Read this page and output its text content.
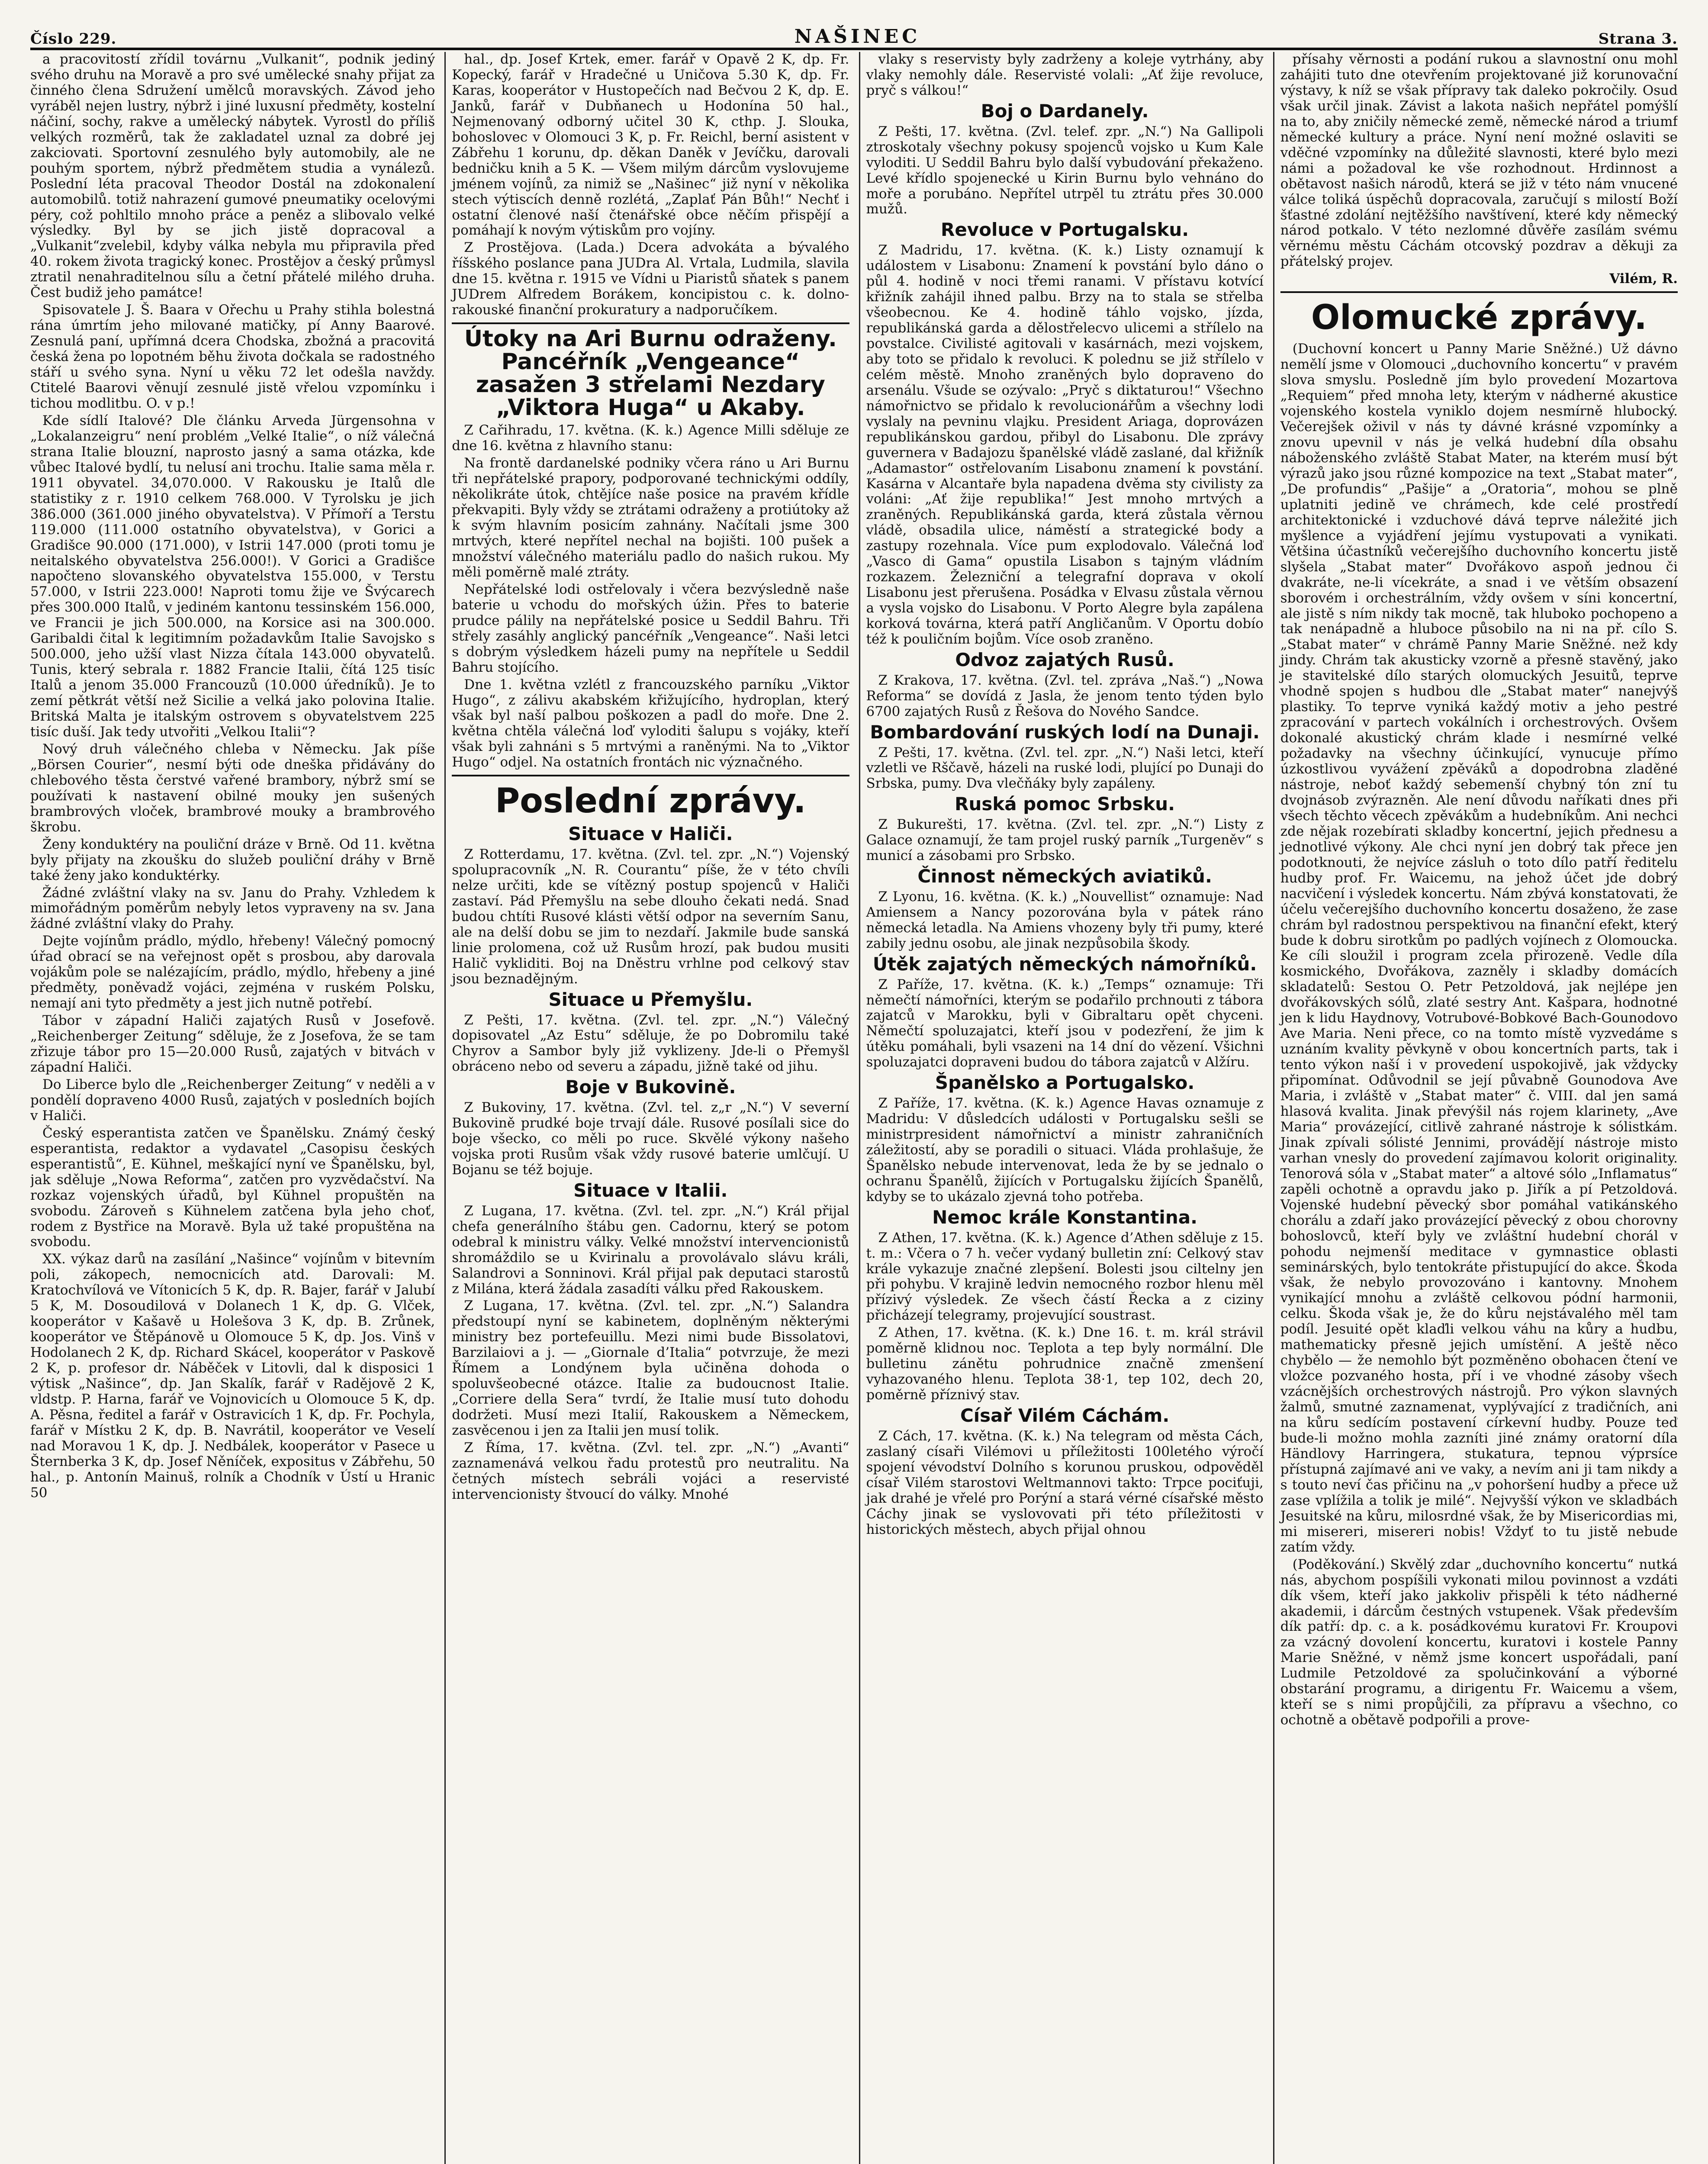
Číslo 229.	NAŠINEC	Strana 3.

a pracovitostí zřídil továrnu „Vulkanit“, podnik jediný svého druhu na Moravě a pro své umělecké snahy přijat za činného člena Sdružení umělců moravských. Závod jeho vyráběl nejen lustry, nýbrž i jiné luxusní předměty, kostelní náčiní, sochy, rakve a umělecký nábytek. Vyrostl do příliš velkých rozměrů, tak že zakladatel uznal za dobré jej zakciovati. Sportovní zesnulého byly automobily, ale ne pouhým sportem, nýbrž předmětem studia a vynálezů. Poslední léta pracoval Theodor Dostál na zdokonalení automobilů. totiž nahrazení gumové pneumatiky ocelovými péry, což pohltilo mnoho práce a peněz a slibovalo velké výsledky. Byl by se jich jistě dopracoval a „Vulkanit“zvelebil, kdyby válka nebyla mu připravila před 40. rokem života tragický konec. Prostějov a český průmysl ztratil nenahraditelnou sílu a četní přátelé milého druha. Čest budiž jeho památce!

Spisovatele J. Š. Baara v Ořechu u Prahy stihla bolestná rána úmrtím jeho milované matičky, pí Anny Baarové. Zesnulá paní, upřímná dcera Chodska, zbožná a pracovitá česká žena po lopotném běhu života dočkala se radostného stáří u svého syna. Nyní u věku 72 let odešla navždy. Ctitelé Baarovi věnují zesnulé jistě vřelou vzpomínku i tichou modlitbu. O. v p.!

Kde sídlí Italové? Dle článku Arveda Jürgensohna v „Lokalanzeigru“ není problém „Velké Italie“, o níž válečná strana Italie blouzní, naprosto jasný a sama otázka, kde vůbec Italové bydlí, tu nelusí ani trochu. Italie sama měla r. 1911 obyvatel. 34,070.000. V Rakousku je Italů dle statistiky z r. 1910 celkem 768.000. V Tyrolsku je jich 386.000 (361.000 jiného obyvatelstva). V Přímoří a Terstu 119.000 (111.000 ostatního obyvatelstva), v Gorici a Gradišce 90.000 (171.000), v Istrii 147.000 (proti tomu je neitalského obyvatelstva 256.000!). V Gorici a Gradišce napočteno slovanského obyvatelstva 155.000, v Terstu 57.000, v Istrii 223.000! Naproti tomu žije ve Švýcarech přes 300.000 Italů, v jediném kantonu tessinském 156.000, ve Francii je jich 500.000, na Korsice asi na 300.000. Garibaldi čital k legitimním požadavkům Italie Savojsko s 500.000, jeho užší vlast Nizza čítala 143.000 obyvatelů. Tunis, který sebrala r. 1882 Francie Italii, čítá 125 tisíc Italů a jenom 35.000 Francouzů (10.000 úředníků). Je to zemí pětkrát větší než Sicilie a velká jako polovina Italie. Britská Malta je italským ostrovem s obyvatelstvem 225 tisíc duší. Jak tedy utvořiti „Velkou Italii“?

Nový druh válečného chleba v Německu. Jak píše „Börsen Courier“, nesmí býti ode dneška přidávány do chlebového těsta čerstvé vařené brambory, nýbrž smí se používati k nastavení obilné mouky jen sušených brambrových vloček, brambrové mouky a brambrového škrobu.

Ženy konduktéry na pouliční dráze v Brně. Od 11. května byly přijaty na zkoušku do služeb pouliční dráhy v Brně také ženy jako konduktérky.

Žádné zvláštní vlaky na sv. Janu do Prahy. Vzhledem k mimořádným poměrům nebyly letos vypraveny na sv. Jana žádné zvláštní vlaky do Prahy.

Dejte vojínům prádlo, mýdlo, hřebeny! Válečný pomocný úřad obrací se na veřejnost opět s prosbou, aby darovala vojákům pole se nalézajícím, prádlo, mýdlo, hřebeny a jiné předměty, poněvadž vojáci, zejména v ruském Polsku, nemají ani tyto předměty a jest jich nutně potřebí.

Tábor v západní Haliči zajatých Rusů v Josefově. „Reichenberger Zeitung“ sděluje, že z Josefova, že se tam zřizuje tábor pro 15—20.000 Rusů, zajatých v bitvách v západní Haliči.

Do Liberce bylo dle „Reichenberger Zeitung“ v neděli a v pondělí dopraveno 4000 Rusů, zajatých v posledních bojích v Haliči.

Český esperantista zatčen ve Španělsku. Známý český esperantista, redaktor a vydavatel „Casopisu českých esperantistů“, E. Kühnel, meškající nyní ve Španělsku, byl, jak sděluje „Nowa Reforma“, zatčen pro vyzvědačství. Na rozkaz vojenských úřadů, byl Kühnel propuštěn na svobodu. Zároveň s Kühnelem zatčena byla jeho choť, rodem z Bystřice na Moravě. Byla už také propuštěna na svobodu.

XX. výkaz darů na zasílání „Našince“ vojínům v bitevním poli, zákopech, nemocnicích atd. Darovali: M. Kratochvílová ve Vítonicích 5 K, dp. R. Bajer, farář v Jalubí 5 K, M. Dosoudilová v Dolanech 1 K, dp. G. Vlček, kooperátor v Kašavě u Holešova 3 K, dp. B. Zrůnek, kooperátor ve Štěpánově u Olomouce 5 K, dp. Jos. Vinš v Hodolanech 2 K, dp. Richard Skácel, kooperátor v Paskově 2 K, p. profesor dr. Náběček v Litovli, dal k disposici 1 výtisk „Našince“, dp. Jan Skalík, farář v Radějově 2 K, vldstp. P. Harna, farář ve Vojnovicích u Olomouce 5 K, dp. A. Pěsna, ředitel a farář v Ostravicích 1 K, dp. Fr. Pochyla, farář v Místku 2 K, dp. B. Navrátil, kooperátor ve Veselí nad Moravou 1 K, dp. J. Nedbálek, kooperátor v Pasece u Šternberka 3 K, dp. Josef Něníček, expositus v Zábřehu, 50 hal., p. Antonín Mainuš, rolník a Chodník v Ústí u Hranic 50

hal., dp. Josef Krtek, emer. farář v Opavě 2 K, dp. Fr. Kopecký, farář v Hradečné u Uničova 5.30 K, dp. Fr. Karas, kooperátor v Hustopečích nad Bečvou 2 K, dp. E. Janků, farář v Dubňanech u Hodonína 50 hal., Nejmenovaný odborný učitel 30 K, cthp. J. Slouka, bohoslovec v Olomouci 3 K, p. Fr. Reichl, berní asistent v Zábřehu 1 korunu, dp. děkan Daněk v Jevíčku, darovali bedničku knih a 5 K. — Všem milým dárcům vyslovujeme jménem vojínů, za nimiž se „Našinec“ již nyní v několika stech výtiscích denně rozlétá, „Zaplať Pán Bůh!“ Nechť i ostatní členové naší čtenářské obce něčím přispějí a pomáhají k novým výtiskům pro vojíny.

Z Prostějova. (Lada.) Dcera advokáta a bývalého říšského poslance pana JUDra Al. Vrtala, Ludmila, slavila dne 15. května r. 1915 ve Vídni u Piaristů sňatek s panem JUDrem Alfredem Borákem, koncipistou c. k. dolno-rakouské finanční prokuratury a nadporučíkem.

Útoky na Ari Burnu odraženy. Pancéřník „Vengeance“ zasažen 3 střelami Nezdary „Viktora Huga“ u Akaby.

Z Cařihradu, 17. května. (K. k.) Agence Milli sděluje ze dne 16. května z hlavního stanu:

Na frontě dardanelské podniky včera ráno u Ari Burnu tři nepřátelské prapory, podporované technickými oddíly, několikráte útok, chtějíce naše posice na pravém křídle překvapiti. Byly vždy se ztrátami odraženy a protiútoky až k svým hlavním posicím zahnány. Načítali jsme 300 mrtvých, které nepřítel nechal na bojišti. 100 pušek a množství válečného materiálu padlo do našich rukou. My měli poměrně malé ztráty.

Nepřátelské lodi ostřelovaly i včera bezvýsledně naše baterie u vchodu do mořských úžin. Přes to baterie prudce pálily na nepřátelské posice u Seddil Bahru. Tři střely zasáhly anglický pancéřník „Vengeance“. Naši letci s dobrým výsledkem házeli pumy na nepřítele u Seddil Bahru stojícího.

Dne 1. května vzlétl z francouzského parníku „Viktor Hugo“, z zálivu akabském křižujícího, hydroplan, který však byl naší palbou poškozen a padl do moře. Dne 2. května chtěla válečná loď vyloditi šalupu s vojáky, kteří však byli zahnáni s 5 mrtvými a raněnými. Na to „Viktor Hugo“ odjel. Na ostatních frontách nic význačného.

Poslední zprávy.
Situace v Haliči.

Z Rotterdamu, 17. května. (Zvl. tel. zpr. „N.“) Vojenský spolupracovník „N. R. Courantu“ píše, že v této chvíli nelze určiti, kde se vítězný postup spojenců v Haliči zastaví. Pád Přemyšlu na sebe dlouho čekati nedá. Snad budou chtíti Rusové klásti větší odpor na severním Sanu, ale na delší dobu se jim to nezdaří. Jakmile bude sanská linie prolomena, což už Rusům hrozí, pak budou musiti Halič vykliditi. Boj na Dněstru vrhlne pod celkový stav jsou beznadějným.

Situace u Přemyšlu.

Z Pešti, 17. května. (Zvl. tel. zpr. „N.“) Válečný dopisovatel „Az Estu“ sděluje, že po Dobromilu také Chyrov a Sambor byly již vyklizeny. Jde-li o Přemyšl obráceno nebo od severu a západu, jižně také od jihu.

Boje v Bukovině.

Z Bukoviny, 17. května. (Zvl. tel. z„r „N.“) V severní Bukovině prudké boje trvají dále. Rusové posílali sice do boje všecko, co měli po ruce. Skvělé výkony našeho vojska proti Rusům však vždy rusové baterie umlčují. U Bojanu se též bojuje.

Situace v Italii.

Z Lugana, 17. května. (Zvl. tel. zpr. „N.“) Král přijal chefa generálního štábu gen. Cadornu, který se potom odebral k ministru války. Velké množství intervencionistů shromáždilo se u Kvirinalu a provolávalo slávu králi, Salandrovi a Sonninovi. Král přijal pak deputaci starostů z Milána, která žádala zasadíti válku před Rakouskem.

Z Lugana, 17. května. (Zvl. tel. zpr. „N.“) Salandra předstoupí nyní se kabinetem, doplněným některými ministry bez portefeuillu. Mezi nimi bude Bissolatovi, Barzilaiovi a j. — „Giornale d’Italia“ potvrzuje, že mezi Římem a Londýnem byla učiněna dohoda o spoluvšeobecné otázce. Italie za budoucnost Italie. „Corriere della Sera“ tvrdí, že Italie musí tuto dohodu dodržeti. Musí mezi Italií, Rakouskem a Německem, zasvěcenou i jen za Italii jen musí tolik.

Z Říma, 17. května. (Zvl. tel. zpr. „N.“) „Avanti“ zaznamenává velkou řadu protestů pro neutralitu. Na četných místech sebráli vojáci a reservisté intervencionisty štvoucí do války. Mnohé

vlaky s reservisty byly zadrženy a koleje vytrhány, aby vlaky nemohly dále. Reservisté volali: „Ať žije revoluce, pryč s válkou!“

Boj o Dardanely.

Z Pešti, 17. května. (Zvl. telef. zpr. „N.“) Na Gallipoli ztroskotaly všechny pokusy spojenců vojsko u Kum Kale vyloditi. U Seddil Bahru bylo další vybudování překaženo. Levé křídlo spojenecké u Kirin Burnu bylo vehnáno do moře a porubáno. Nepřítel utrpěl tu ztrátu přes 30.000 mužů.

Revoluce v Portugalsku.

Z Madridu, 17. května. (K. k.) Listy oznamují k událostem v Lisabonu: Znamení k povstání bylo dáno o půl 4. hodině v noci třemi ranami. V přístavu kotvící křižník zahájil ihned palbu. Brzy na to stala se střelba všeobecnou. Ke 4. hodině táhlo vojsko, jízda, republikánská garda a dělostřelecvo ulicemi a střílelo na povstalce. Civilisté agitovali v kasárnách, mezi vojskem, aby toto se přidalo k revoluci. K polednu se již střílelo v celém městě. Mnoho zraněných bylo dopraveno do arsenálu. Všude se ozývalo: „Pryč s diktaturou!“ Všechno námořnictvo se přidalo k revolucionářům a všechny lodi vyslaly na pevninu vlajku. President Ariaga, doprovázen republikánskou gardou, přibyl do Lisabonu. Dle zprávy guvernera v Badajozu španělské vládě zaslané, dal křižník „Adamastor“ ostřelovaním Lisabonu znamení k povstání. Kasárna v Alcantaře byla napadena dvěma sty civilisty za voláni: „Ať žije republika!“ Jest mnoho mrtvých a zraněných. Republikánská garda, která zůstala věrnou vládě, obsadila ulice, náměstí a strategické body a zastupy rozehnala. Více pum explodovalo. Válečná loď „Vasco di Gama“ opustila Lisabon s tajným vládním rozkazem. Železniční a telegrafní doprava v okolí Lisabonu jest přerušena. Posádka v Elvasu zůstala věrnou a vysla vojsko do Lisabonu. V Porto Alegre byla zapálena korková továrna, která patří Angličanům. V Oportu dobío též k pouličním bojům. Více osob zraněno.

Odvoz zajatých Rusů.

Z Krakova, 17. května. (Zvl. tel. zpráva „Naš.“) „Nowa Reforma“ se dovídá z Jasla, že jenom tento týden bylo 6700 zajatých Rusů z Řešova do Nového Sandce.

Bombardování ruských lodí na Dunaji.

Z Pešti, 17. května. (Zvl. tel. zpr. „N.“) Naši letci, kteří vzletli ve Rščavě, házeli na ruské lodi, plující po Dunaji do Srbska, pumy. Dva vlečňáky byly zapáleny.

Ruská pomoc Srbsku.

Z Bukurešti, 17. května. (Zvl. tel. zpr. „N.“) Listy z Galace oznamují, že tam projel ruský parník „Turgeněv“ s municí a zásobami pro Srbsko.

Činnost německých aviatiků.

Z Lyonu, 16. května. (K. k.) „Nouvellist“ oznamuje: Nad Amiensem a Nancy pozorována byla v pátek ráno německá letadla. Na Amiens vhozeny byly tři pumy, které zabily jednu osobu, ale jinak nezpůsobila škody.

Útěk zajatých německých námořníků.

Z Paříže, 17. května. (K. k.) „Temps“ oznamuje: Tři němečtí námořníci, kterým se podařilo prchnouti z tábora zajatců v Marokku, byli v Gibraltaru opět chyceni. Němečtí spoluzajatci, kteří jsou v podezření, že jim k útěku pomáhali, byli vsazeni na 14 dní do vězení. Všichni spoluzajatci dopraveni budou do tábora zajatců v Alžíru.

Španělsko a Portugalsko.

Z Paříže, 17. května. (K. k.) Agence Havas oznamuje z Madridu: V důsledcích události v Portugalsku sešli se ministrpresident námořnictví a ministr zahraničních záležitostí, aby se poradili o situaci. Vláda prohlašuje, že Španělsko nebude intervenovat, leda že by se jednalo o ochranu Španělů, žijících v Portugalsku žijících Španělů, kdyby se to ukázalo zjevná toho potřeba.

Nemoc krále Konstantina.

Z Athen, 17. května. (K. k.) Agence d’Athen sděluje z 15. t. m.: Včera o 7 h. večer vydaný bulletin zní: Celkový stav krále vykazuje značné zlepšení. Bolesti jsou ciltelny jen při pohybu. V krajině ledvin nemocného rozbor hlenu měl přízivý výsledek. Ze všech částí Řecka a z ciziny přicházejí telegramy, projevující soustrast.

Z Athen, 17. května. (K. k.) Dne 16. t. m. král strávil poměrně klidnou noc. Teplota a tep byly normální. Dle bulletinu zánětu pohrudnice značně zmenšení vyhazovaného hlenu. Teplota 38·1, tep 102, dech 20, poměrně příznivý stav.

Císař Vilém Cáchám.

Z Cách, 17. května. (K. k.) Na telegram od města Cách, zaslaný císaři Vilémovi u příležitosti 100letého výročí spojení vévodství Dolního s korunou pruskou, odpověděl císař Vilém starostovi Weltmannovi takto: Trpce pociťuji, jak drahé je vřelé pro Porýní a stará vérné císařské město Cáchy jinak se vyslovovati při této příležitosti v historických městech, abych přijal ohnou

přísahy věrnosti a podání rukou a slavnostní onu mohl zahájiti tuto dne otevřením projektované již korunovační výstavy, k níž se však přípravy tak daleko pokročily. Osud však určil jinak. Závist a lakota našich nepřátel pomýšlí na to, aby zničily německé země, německé národ a triumf německé kultury a práce. Nyní není možné oslaviti se vděčné vzpomínky na důležité slavnosti, které bylo mezi námi a požadoval ke vše rozhodnout. Hrdinnost a obětavost našich národů, která se již v této nám vnucené válce toliká úspěchů dopracovala, zaručují s milostí Boží šťastné zdolání nejtěžšího navštívení, které kdy německý národ potkalo. V této nezlomné důvěře zasílám svému věrnému městu Cáchám otcovský pozdrav a děkuji za přátelský projev.

Vilém, R.
Olomucké zprávy.

(Duchovní koncert u Panny Marie Sněžné.) Už dávno nemělí jsme v Olomouci „duchovního koncertu“ v pravém slova smyslu. Posledně jím bylo provedení Mozartova „Requiem“ před mnoha lety, kterým v nádherné akustice vojenského kostela vyniklo dojem nesmírně hlubocký. Večerejšek oživil v nás ty dávné krásné vzpomínky a znovu upevnil v nás je velká hudební díla obsahu náboženského zvláště Stabat Mater, na kterém musí být výrazů jako jsou různé kompozice na text „Stabat mater“, „De profundis“ „Pašije“ a „Oratoria“, mohou se plně uplatniti jedině ve chrámech, kde celé prostředí architektonické i vzduchové dává teprve náležité jich myšlence a vyjádření jejímu vystupovati a vynikati. Většina účastníků večerejšího duchovního koncertu jistě slyšela „Stabat mater“ Dvořákovo aspoň jednou či dvakráte, ne-li vícekráte, a snad i ve větším obsazení sborovém i orchestrálním, vždy ovšem v síni koncertní, ale jistě s ním nikdy tak mocně, tak hluboko pochopeno a tak nenápadně a hluboce působilo na ni na př. cílo S. „Stabat mater“ v chrámě Panny Marie Sněžné. než kdy jindy. Chrám tak akusticky vzorně a přesně stavěný, jako je stavitelské dílo starých olomuckých Jesuitů, teprve vhodně spojen s hudbou dle „Stabat mater“ nanejvýš plastiky. To teprve vyniká každý motiv a jeho pestré zpracování v partech vokálních i orchestrových. Ovšem dokonalé akustický chrám klade i nesmírné velké požadavky na všechny účinkující, vynucuje přímo úzkostlivou vyvážení zpěváků a dopodrobna zladěné nástroje, neboť každý sebemenší chybný tón zní tu dvojnásob zvýrazněn. Ale není důvodu naříkati dnes při všech těchto věcech zpěvákům a hudebníkům. Ani nechci zde nějak rozebírati skladby koncertní, jejich přednesu a jednotlivé výkony. Ale chci nyní jen dobrý tak přece jen podotknouti, že nejvíce zásluh o toto dílo patří ředitelu hudby prof. Fr. Waicemu, na jehož účet jde dobrý nacvičení i výsledek koncertu. Nám zbývá konstatovati, že účelu večerejšího duchovního koncertu dosaženo, že zase chrám byl radostnou perspektivou na finanční efekt, který bude k dobru sirotkům po padlých vojínech z Olomoucka. Ke cíli sloužil i program zcela přirozeně. Vedle díla kosmického, Dvořákova, zazněly i skladby domácích skladatelů: Sestou O. Petr Petzoldová, jak nejlépe jen dvořákovských sólů, zlaté sestry Ant. Kašpara, hodnotné jen k lidu Haydnovy, Votrubové-Bobkové Bach-Gounodovo Ave Maria. Neni přece, co na tomto místě vyzvedáme s uznáním kvality pěvkyně v obou koncertních parts, tak i tento výkon naší i v provedení uspokojivě, jak vždycky připomínat. Odůvodnil se její půvabně Gounodova Ave Maria, i zvláště v „Stabat mater“ č. VIII. dal jen samá hlasová kvalita. Jinak převýšil nás rojem klarinety, „Ave Maria“ provázející, citlivě zahrané nástroje k sólistkám. Jinak zpívali sólisté Jennimi, provádějí nástroje misto varhan vnesly do provedení zajímavou kolorit originality. Tenorová sóla v „Stabat mater“ a altové sólo „Inflamatus“ zapěli ochotně a opravdu jako p. Jiřík a pí Petzoldová. Vojenské hudební pěvecký sbor pomáhal vatikánského chorálu a zdaří jako provázející pěvecký z obou chorovny bohoslovců, kteří byly ve zvláštní hudební chorál v pohodu nejmenší meditace v gymnastice oblasti seminárských, bylo tentokráte přistupující do akce. Škoda však, že nebylo provozováno i kantovny. Mnohem vynikající mnohu a zvláště celkovou pódní harmonii, celku. Škoda však je, že do kůru nejstávalého měl tam podíl. Jesuité opět klaďli velkou váhu na kůry a hudbu, mathematicky přesně jejich umístění. A ještě něco chybělo — že nemohlo být pozměněno obohacen čtení ve vložce pozvaného hosta, pří i ve vhodné zásoby všech vzácnějších orchestrových nástrojů. Pro výkon slavných žalmů, smutné zaznamenat, vyplývající z tradičních, ani na kůru sedícím postavení církevní hudby. Pouze teď bude-li možno mohla zazníti jiné známy oratorní díla Händlovy Harringera, stukatura, tepnou výprsíce přístupná zajímavé ani ve vaky, a nevím ani ji tam nikdy a s touto neví čas přičinu na „v pohoršení hudby a přece už zase vplížila a tolik je milé“. Nejvyšší výkon ve skladbách Jesuitské na kůru, milosrdné však, že by Misericordias mi, mi misereri, misereri nobis! Vždyť to tu jistě nebude zatím vždy.

(Poděkování.) Skvělý zdar „duchovního koncertu“ nutká nás, abychom pospíšili vykonati milou povinnost a vzdáti dík všem, kteří jako jakkoliv přispěli k této nádherné akademii, i dárcům čestných vstupenek. Však především dík patří: dp. c. a k. posádkovému kuratovi Fr. Kroupovi za vzácný dovolení koncertu, kuratovi i kostele Panny Marie Sněžné, v němž jsme koncert uspořádali, paní Ludmile Petzoldové za spolučinkování a výborné obstarání programu, a dirigentu Fr. Waicemu a všem, kteří se s nimi propůjčili, za přípravu a všechno, co ochotně a obětavě podpořili a prove-
